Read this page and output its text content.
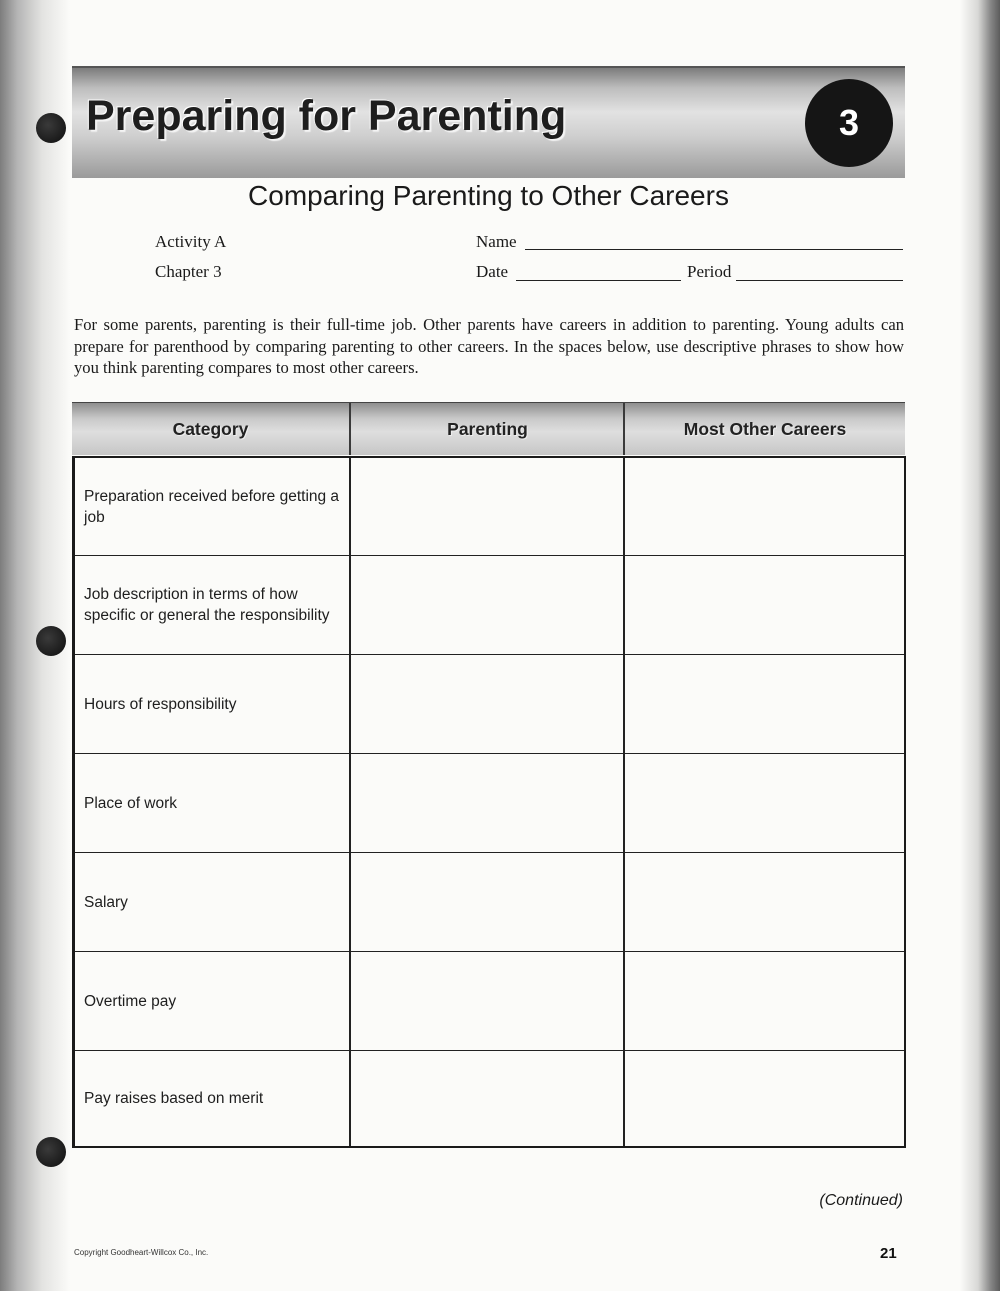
Preparing for Parenting	3
Comparing Parenting to Other Careers
Activity A
Chapter 3
Name
Date	Period
For some parents, parenting is their full-time job. Other parents have careers in addition to parenting. Young adults can prepare for parenthood by comparing parenting to other careers. In the spaces below, use descriptive phrases to show how you think parenting compares to most other careers.
Category	Parenting	Most Other Careers
Preparation received before getting a job
Job description in terms of how specific or general the responsibility
Hours of responsibility
Place of work
Salary
Overtime pay
Pay raises based on merit
(Continued)
Copyright Goodheart-Willcox Co., Inc.	21
